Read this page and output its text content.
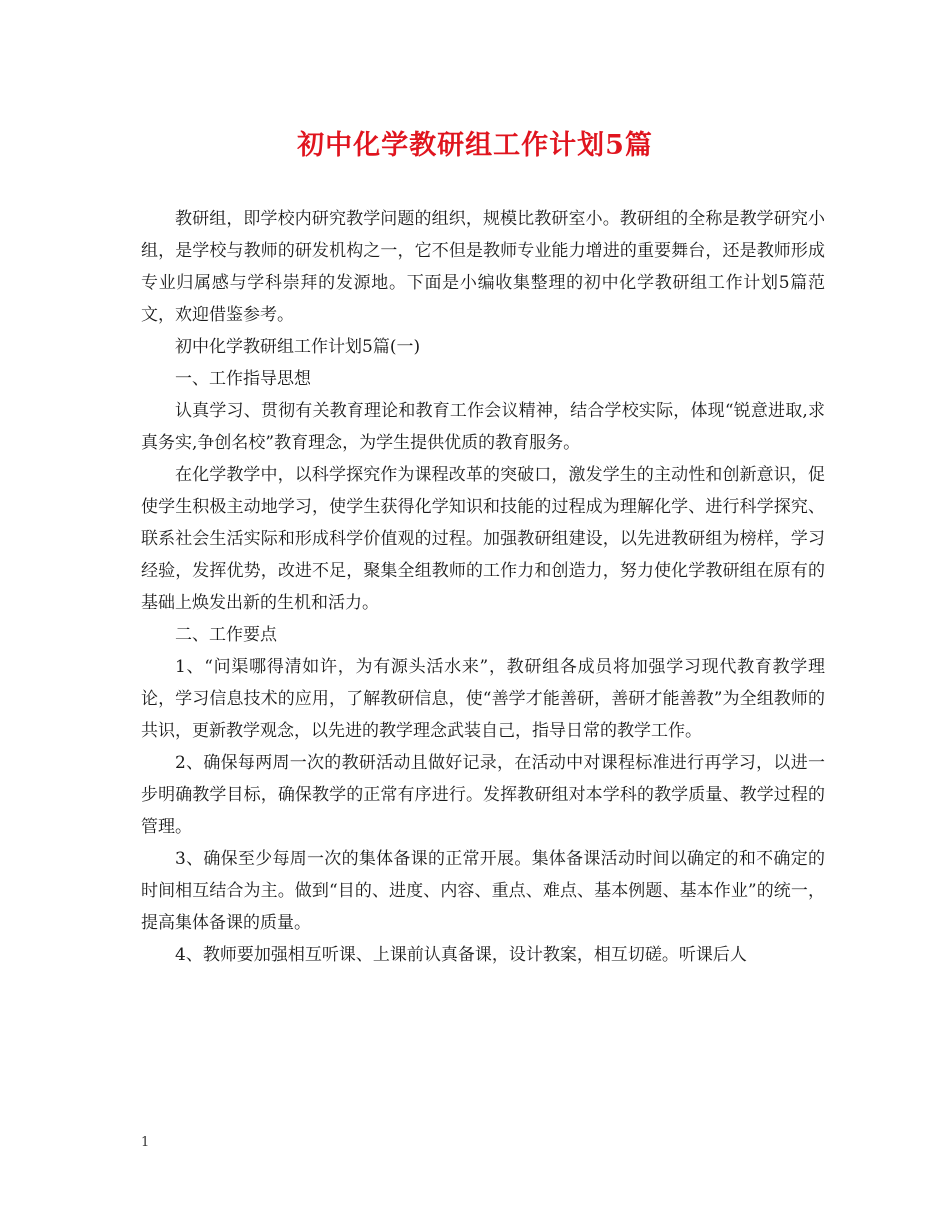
初中化学教研组工作计划5篇

教研组，即学校内研究教学问题的组织，规模比教研室小。教研组的全称是教学研究小组，是学校与教师的研发机构之一，它不但是教师专业能力增进的重要舞台，还是教师形成专业归属感与学科崇拜的发源地。下面是小编收集整理的初中化学教研组工作计划5篇范文，欢迎借鉴参考。

初中化学教研组工作计划5篇(一)

一、工作指导思想

认真学习、贯彻有关教育理论和教育工作会议精神，结合学校实际，体现“锐意进取,求真务实,争创名校”教育理念，为学生提供优质的教育服务。

在化学教学中，以科学探究作为课程改革的突破口，激发学生的主动性和创新意识，促使学生积极主动地学习，使学生获得化学知识和技能的过程成为理解化学、进行科学探究、联系社会生活实际和形成科学价值观的过程。加强教研组建设，以先进教研组为榜样，学习经验，发挥优势，改进不足，聚集全组教师的工作力和创造力，努力使化学教研组在原有的基础上焕发出新的生机和活力。

二、工作要点

1、“问渠哪得清如许，为有源头活水来”，教研组各成员将加强学习现代教育教学理论，学习信息技术的应用，了解教研信息，使“善学才能善研，善研才能善教”为全组教师的共识，更新教学观念，以先进的教学理念武装自己，指导日常的教学工作。

2、确保每两周一次的教研活动且做好记录，在活动中对课程标准进行再学习，以进一步明确教学目标，确保教学的正常有序进行。发挥教研组对本学科的教学质量、教学过程的管理。

3、确保至少每周一次的集体备课的正常开展。集体备课活动时间以确定的和不确定的时间相互结合为主。做到“目的、进度、内容、重点、难点、基本例题、基本作业”的统一，提高集体备课的质量。

4、教师要加强相互听课、上课前认真备课，设计教案，相互切磋。听课后人

1
